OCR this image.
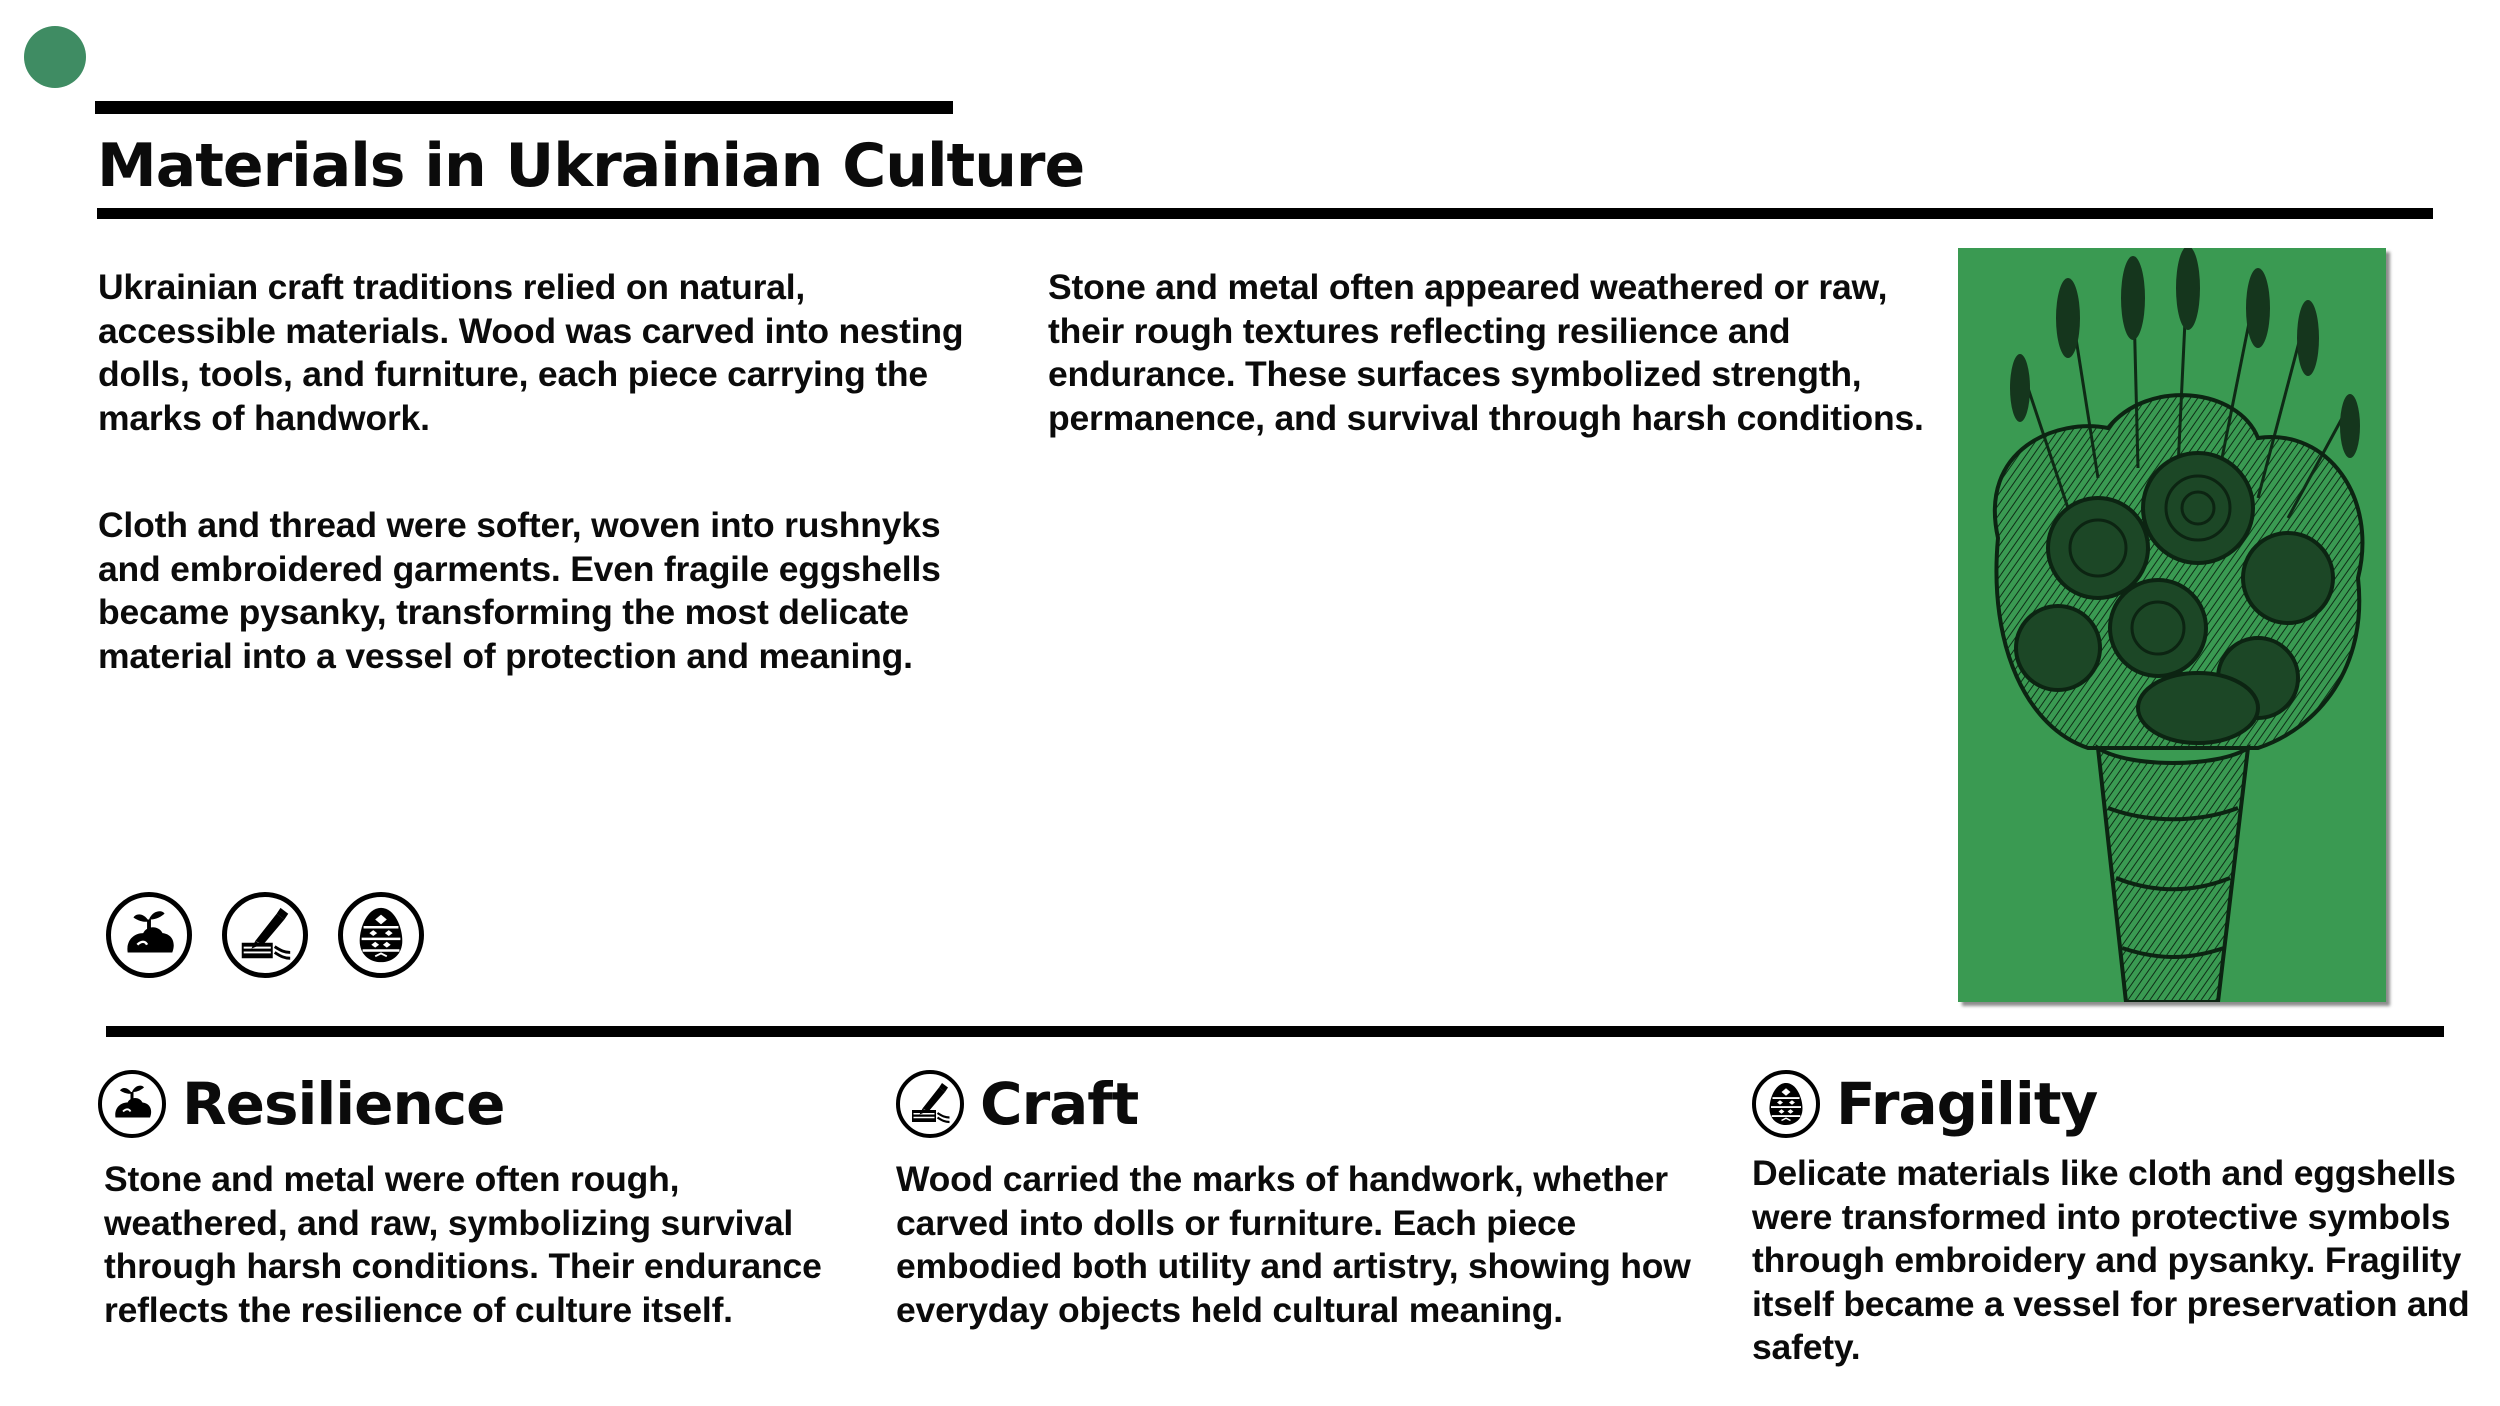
Materials in Ukrainian Culture

Ukrainian craft traditions relied on natural, accessible materials. Wood was carved into nesting dolls, tools, and furniture, each piece carrying the marks of handwork.

Cloth and thread were softer, woven into rushnyks and embroidered garments. Even fragile eggshells became pysanky, transforming the most delicate material into a vessel of protection and meaning.

Stone and metal often appeared weathered or raw, their rough textures reflecting resilience and endurance. These surfaces symbolized strength, permanence, and survival through harsh conditions.

Resilience

Stone and metal were often rough, weathered, and raw, symbolizing survival through harsh conditions. Their endurance reflects the resilience of culture itself.

Craft

Wood carried the marks of handwork, whether carved into dolls or furniture. Each piece embodied both utility and artistry, showing how everyday objects held cultural meaning.

Fragility

Delicate materials like cloth and eggshells were transformed into protective symbols through embroidery and pysanky. Fragility itself became a vessel for preservation and safety.
